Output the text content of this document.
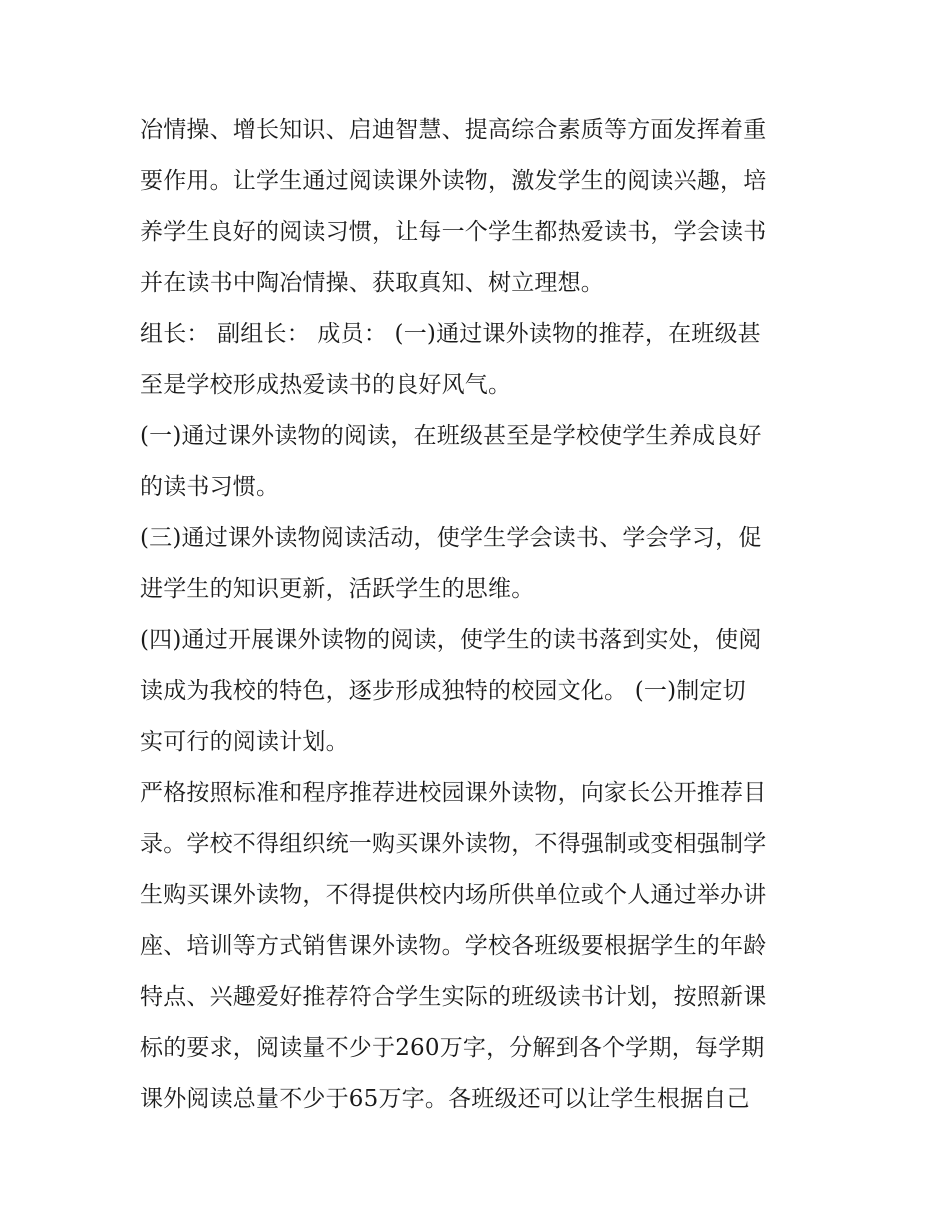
冶情操、增长知识、启迪智慧、提高综合素质等方面发挥着重
要作用。让学生通过阅读课外读物，激发学生的阅读兴趣，培
养学生良好的阅读习惯，让每一个学生都热爱读书，学会读书
并在读书中陶冶情操、获取真知、树立理想。
组长： 副组长： 成员： (一)通过课外读物的推荐，在班级甚
至是学校形成热爱读书的良好风气。
(一)通过课外读物的阅读，在班级甚至是学校使学生养成良好
的读书习惯。
(三)通过课外读物阅读活动，使学生学会读书、学会学习，促
进学生的知识更新，活跃学生的思维。
(四)通过开展课外读物的阅读，使学生的读书落到实处，使阅
读成为我校的特色，逐步形成独特的校园文化。 (一)制定切
实可行的阅读计划。
严格按照标准和程序推荐进校园课外读物，向家长公开推荐目
录。学校不得组织统一购买课外读物，不得强制或变相强制学
生购买课外读物，不得提供校内场所供单位或个人通过举办讲
座、培训等方式销售课外读物。学校各班级要根据学生的年龄
特点、兴趣爱好推荐符合学生实际的班级读书计划，按照新课
标的要求，阅读量不少于260万字，分解到各个学期，每学期
课外阅读总量不少于65万字。各班级还可以让学生根据自己
